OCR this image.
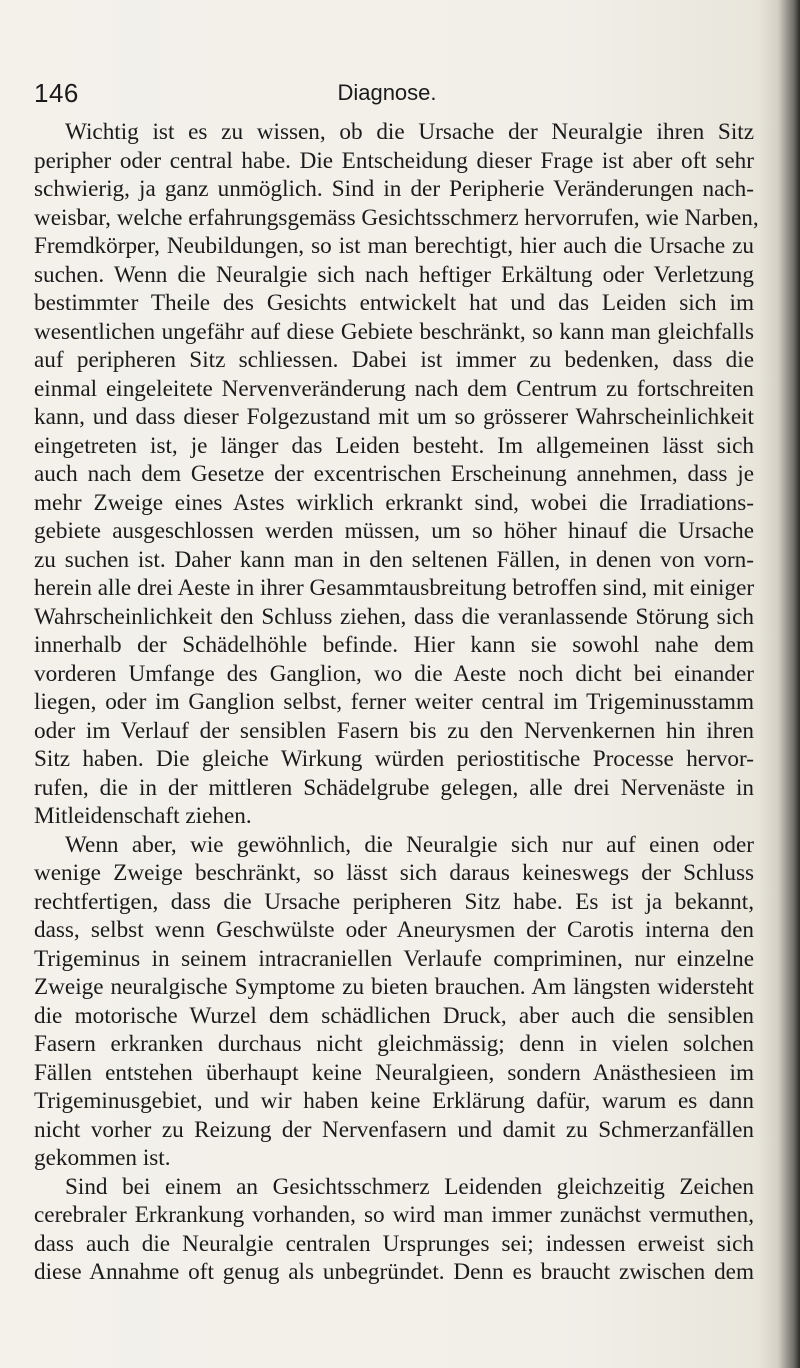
146	Diagnose.
Wichtig ist es zu wissen, ob die Ursache der Neuralgie ihren Sitz
peripher oder central habe. Die Entscheidung dieser Frage ist aber oft sehr
schwierig, ja ganz unmöglich. Sind in der Peripherie Veränderungen nach-
weisbar, welche erfahrungsgemäss Gesichtsschmerz hervorrufen, wie Narben,
Fremdkörper, Neubildungen, so ist man berechtigt, hier auch die Ursache zu
suchen. Wenn die Neuralgie sich nach heftiger Erkältung oder Verletzung
bestimmter Theile des Gesichts entwickelt hat und das Leiden sich im
wesentlichen ungefähr auf diese Gebiete beschränkt, so kann man gleichfalls
auf peripheren Sitz schliessen. Dabei ist immer zu bedenken, dass die
einmal eingeleitete Nervenveränderung nach dem Centrum zu fortschreiten
kann, und dass dieser Folgezustand mit um so grösserer Wahrscheinlichkeit
eingetreten ist, je länger das Leiden besteht. Im allgemeinen lässt sich
auch nach dem Gesetze der excentrischen Erscheinung annehmen, dass je
mehr Zweige eines Astes wirklich erkrankt sind, wobei die Irradiations-
gebiete ausgeschlossen werden müssen, um so höher hinauf die Ursache
zu suchen ist. Daher kann man in den seltenen Fällen, in denen von vorn-
herein alle drei Aeste in ihrer Gesammtausbreitung betroffen sind, mit einiger
Wahrscheinlichkeit den Schluss ziehen, dass die veranlassende Störung sich
innerhalb der Schädelhöhle befinde. Hier kann sie sowohl nahe dem
vorderen Umfange des Ganglion, wo die Aeste noch dicht bei einander
liegen, oder im Ganglion selbst, ferner weiter central im Trigeminusstamm
oder im Verlauf der sensiblen Fasern bis zu den Nervenkernen hin ihren
Sitz haben. Die gleiche Wirkung würden periostitische Processe hervor-
rufen, die in der mittleren Schädelgrube gelegen, alle drei Nervenäste in
Mitleidenschaft ziehen.
Wenn aber, wie gewöhnlich, die Neuralgie sich nur auf einen oder
wenige Zweige beschränkt, so lässt sich daraus keineswegs der Schluss
rechtfertigen, dass die Ursache peripheren Sitz habe. Es ist ja bekannt,
dass, selbst wenn Geschwülste oder Aneurysmen der Carotis interna den
Trigeminus in seinem intracraniellen Verlaufe compriminen, nur einzelne
Zweige neuralgische Symptome zu bieten brauchen. Am längsten widersteht
die motorische Wurzel dem schädlichen Druck, aber auch die sensiblen
Fasern erkranken durchaus nicht gleichmässig; denn in vielen solchen
Fällen entstehen überhaupt keine Neuralgieen, sondern Anästhesieen im
Trigeminusgebiet, und wir haben keine Erklärung dafür, warum es dann
nicht vorher zu Reizung der Nervenfasern und damit zu Schmerzanfällen
gekommen ist.
Sind bei einem an Gesichtsschmerz Leidenden gleichzeitig Zeichen
cerebraler Erkrankung vorhanden, so wird man immer zunächst vermuthen,
dass auch die Neuralgie centralen Ursprunges sei; indessen erweist sich
diese Annahme oft genug als unbegründet. Denn es braucht zwischen dem
